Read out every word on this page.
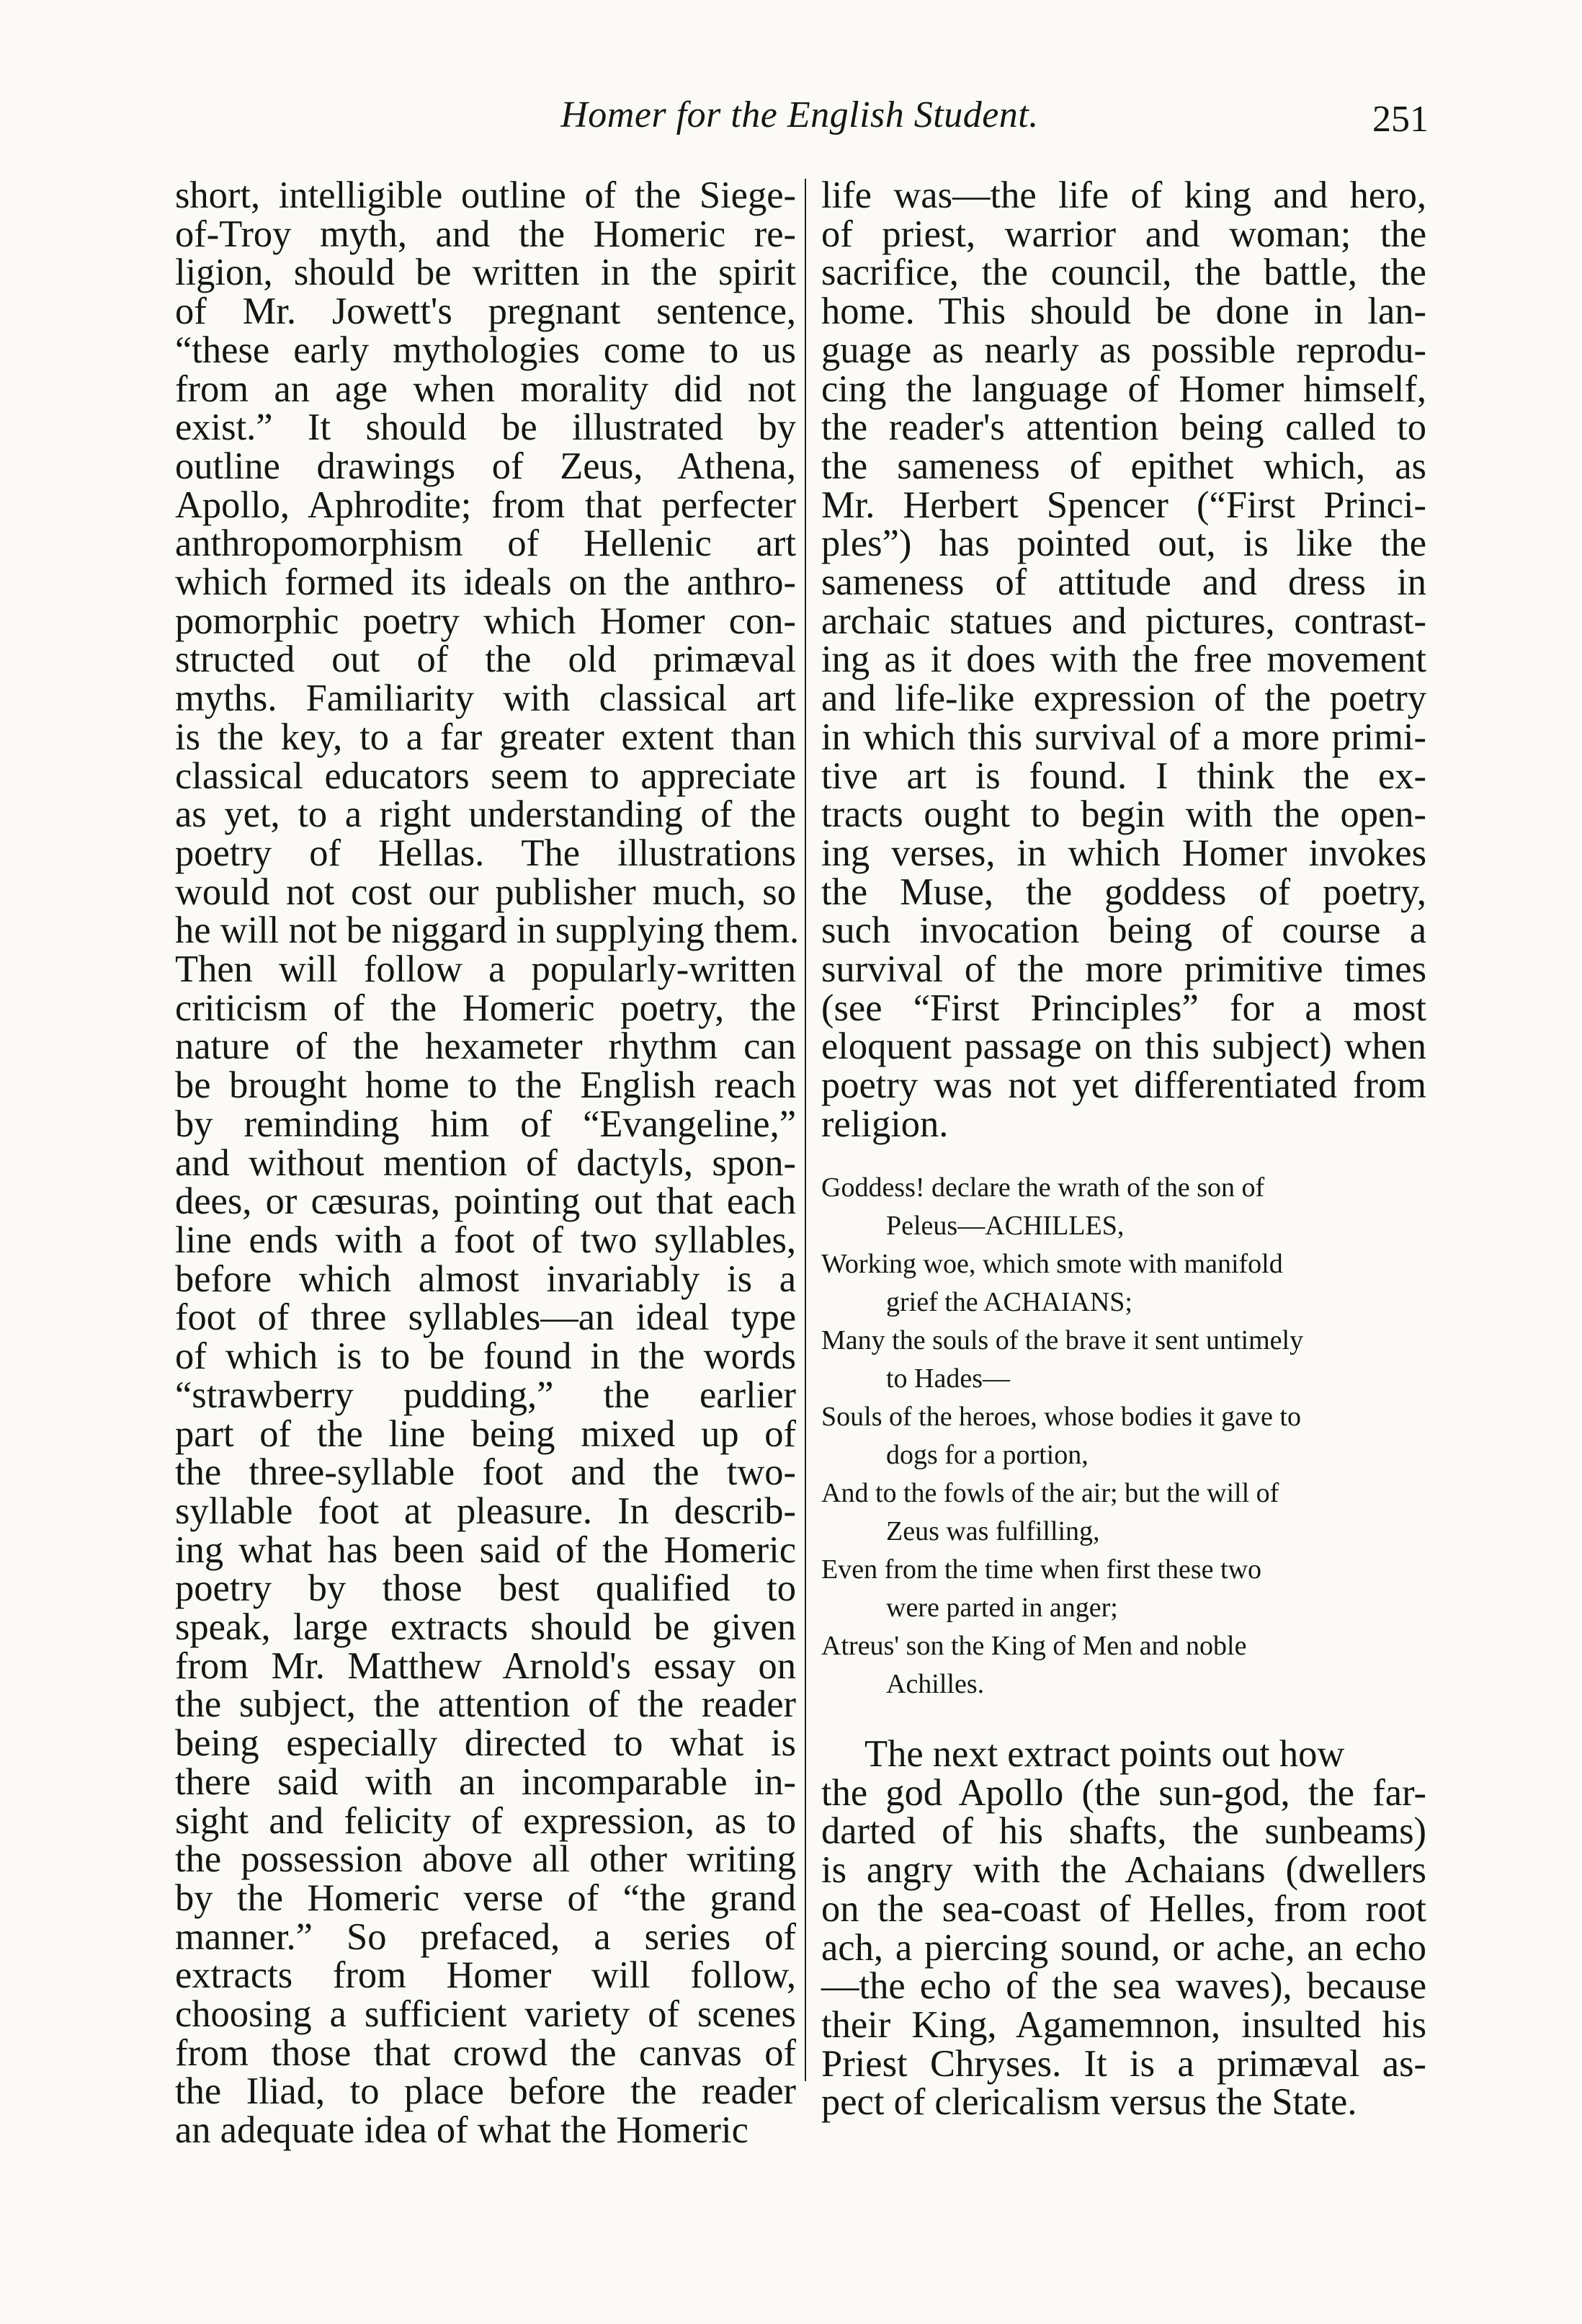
Homer for the English Student.	251
short, intelligible outline of the Siege-
of-Troy myth, and the Homeric re-
ligion, should be written in the spirit
of Mr. Jowett's pregnant sentence,
“these early mythologies come to us
from an age when morality did not
exist.” It should be illustrated by
outline drawings of Zeus, Athena,
Apollo, Aphrodite; from that perfecter
anthropomorphism of Hellenic art
which formed its ideals on the anthro-
pomorphic poetry which Homer con-
structed out of the old primæval
myths. Familiarity with classical art
is the key, to a far greater extent than
classical educators seem to appreciate
as yet, to a right understanding of the
poetry of Hellas. The illustrations
would not cost our publisher much, so
he will not be niggard in supplying them.
Then will follow a popularly-written
criticism of the Homeric poetry, the
nature of the hexameter rhythm can
be brought home to the English reach
by reminding him of “Evangeline,”
and without mention of dactyls, spon-
dees, or cæsuras, pointing out that each
line ends with a foot of two syllables,
before which almost invariably is a
foot of three syllables—an ideal type
of which is to be found in the words
“strawberry pudding,” the earlier
part of the line being mixed up of
the three-syllable foot and the two-
syllable foot at pleasure. In describ-
ing what has been said of the Homeric
poetry by those best qualified to
speak, large extracts should be given
from Mr. Matthew Arnold's essay on
the subject, the attention of the reader
being especially directed to what is
there said with an incomparable in-
sight and felicity of expression, as to
the possession above all other writing
by the Homeric verse of “the grand
manner.” So prefaced, a series of
extracts from Homer will follow,
choosing a sufficient variety of scenes
from those that crowd the canvas of
the Iliad, to place before the reader
an adequate idea of what the Homeric
life was—the life of king and hero,
of priest, warrior and woman; the
sacrifice, the council, the battle, the
home. This should be done in lan-
guage as nearly as possible reprodu-
cing the language of Homer himself,
the reader's attention being called to
the sameness of epithet which, as
Mr. Herbert Spencer (“First Princi-
ples”) has pointed out, is like the
sameness of attitude and dress in
archaic statues and pictures, contrast-
ing as it does with the free movement
and life-like expression of the poetry
in which this survival of a more primi-
tive art is found. I think the ex-
tracts ought to begin with the open-
ing verses, in which Homer invokes
the Muse, the goddess of poetry,
such invocation being of course a
survival of the more primitive times
(see “First Principles” for a most
eloquent passage on this subject) when
poetry was not yet differentiated from
religion.
Goddess! declare the wrath of the son of
Peleus—ACHILLES,
Working woe, which smote with manifold
grief the ACHAIANS;
Many the souls of the brave it sent untimely
to Hades—
Souls of the heroes, whose bodies it gave to
dogs for a portion,
And to the fowls of the air; but the will of
Zeus was fulfilling,
Even from the time when first these two
were parted in anger;
Atreus' son the King of Men and noble
Achilles.
The next extract points out how
the god Apollo (the sun-god, the far-
darted of his shafts, the sunbeams)
is angry with the Achaians (dwellers
on the sea-coast of Helles, from root
ach, a piercing sound, or ache, an echo
—the echo of the sea waves), because
their King, Agamemnon, insulted his
Priest Chryses. It is a primæval as-
pect of clericalism versus the State.
